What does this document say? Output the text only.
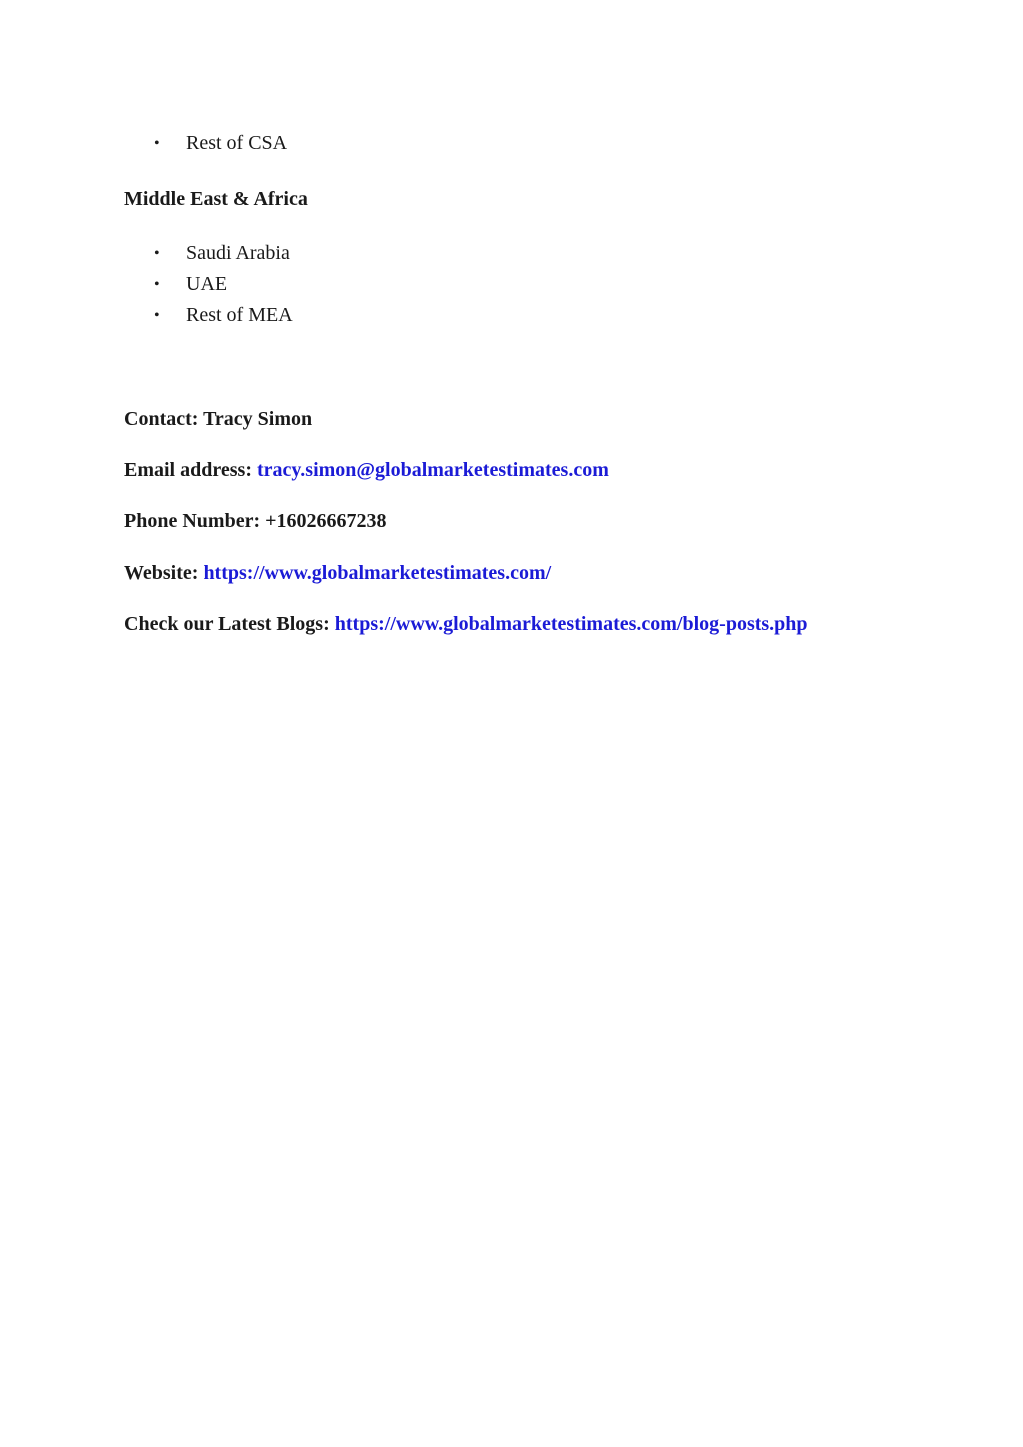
• Rest of CSA
Middle East & Africa
• Saudi Arabia
• UAE
• Rest of MEA
Contact: Tracy Simon
Email address: tracy.simon@globalmarketestimates.com
Phone Number: +16026667238
Website: https://www.globalmarketestimates.com/
Check our Latest Blogs: https://www.globalmarketestimates.com/blog-posts.php
